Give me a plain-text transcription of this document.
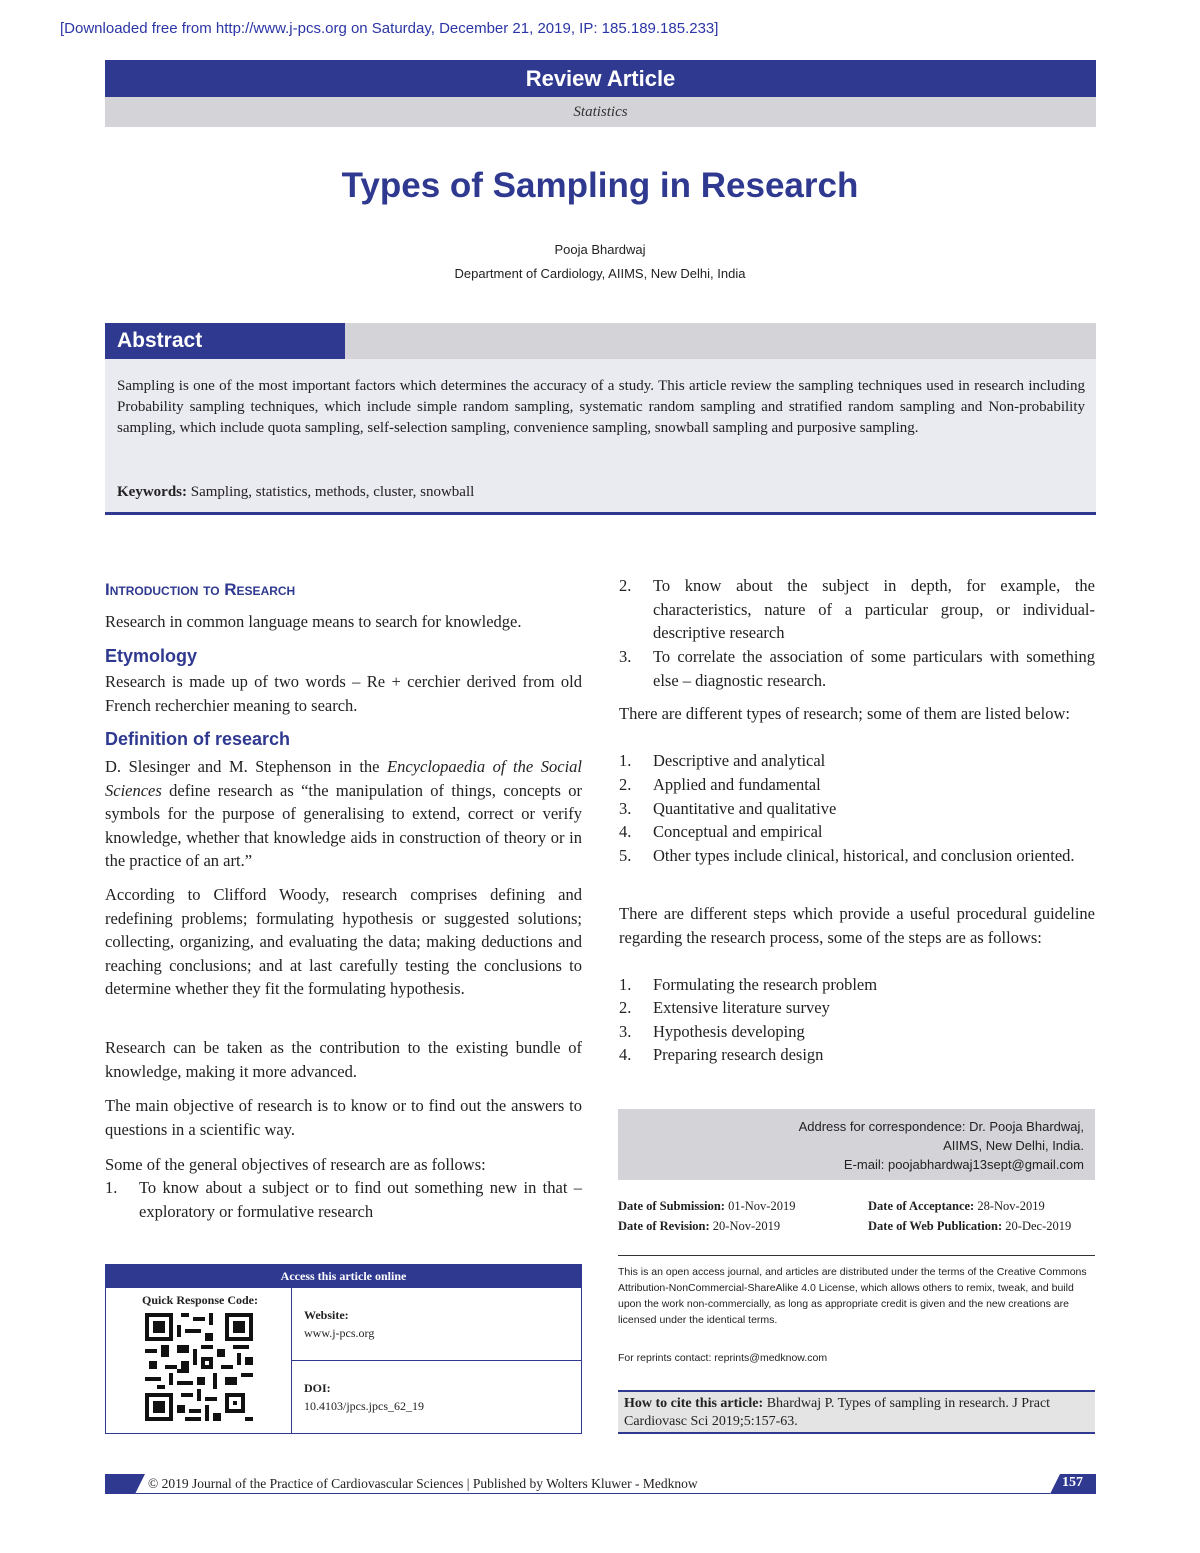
[Downloaded free from http://www.j-pcs.org on Saturday, December 21, 2019, IP: 185.189.185.233]
Review Article
Statistics
Types of Sampling in Research
Pooja Bhardwaj
Department of Cardiology, AIIMS, New Delhi, India
Abstract
Sampling is one of the most important factors which determines the accuracy of a study. This article review the sampling techniques used in research including Probability sampling techniques, which include simple random sampling, systematic random sampling and stratified random sampling and Non-probability sampling, which include quota sampling, self-selection sampling, convenience sampling, snowball sampling and purposive sampling.
Keywords: Sampling, statistics, methods, cluster, snowball
Introduction to Research
Research in common language means to search for knowledge.
Etymology
Research is made up of two words – Re + cerchier derived from old French recherchier meaning to search.
Definition of research
D. Slesinger and M. Stephenson in the Encyclopaedia of the Social Sciences define research as “the manipulation of things, concepts or symbols for the purpose of generalising to extend, correct or verify knowledge, whether that knowledge aids in construction of theory or in the practice of an art.”
According to Clifford Woody, research comprises defining and redefining problems; formulating hypothesis or suggested solutions; collecting, organizing, and evaluating the data; making deductions and reaching conclusions; and at last carefully testing the conclusions to determine whether they fit the formulating hypothesis.
Research can be taken as the contribution to the existing bundle of knowledge, making it more advanced.
The main objective of research is to know or to find out the answers to questions in a scientific way.
Some of the general objectives of research are as follows:
1.	To know about a subject or to find out something new in that – exploratory or formulative research
Access this article online
Quick Response Code:
Website:
www.j-pcs.org
DOI:
10.4103/jpcs.jpcs_62_19
2.	To know about the subject in depth, for example, the characteristics, nature of a particular group, or individual-descriptive research
3.	To correlate the association of some particulars with something else – diagnostic research.
There are different types of research; some of them are listed below:
1.	Descriptive and analytical
2.	Applied and fundamental
3.	Quantitative and qualitative
4.	Conceptual and empirical
5.	Other types include clinical, historical, and conclusion oriented.
There are different steps which provide a useful procedural guideline regarding the research process, some of the steps are as follows:
1.	Formulating the research problem
2.	Extensive literature survey
3.	Hypothesis developing
4.	Preparing research design
Address for correspondence: Dr. Pooja Bhardwaj,
AIIMS, New Delhi, India.
E-mail: poojabhardwaj13sept@gmail.com
Date of Submission: 01-Nov-2019	Date of Acceptance: 28-Nov-2019
Date of Revision: 20-Nov-2019	Date of Web Publication: 20-Dec-2019
This is an open access journal, and articles are distributed under the terms of the Creative Commons Attribution-NonCommercial-ShareAlike 4.0 License, which allows others to remix, tweak, and build upon the work non-commercially, as long as appropriate credit is given and the new creations are licensed under the identical terms.
For reprints contact: reprints@medknow.com
How to cite this article: Bhardwaj P. Types of sampling in research. J Pract Cardiovasc Sci 2019;5:157-63.
© 2019 Journal of the Practice of Cardiovascular Sciences | Published by Wolters Kluwer - Medknow	157
